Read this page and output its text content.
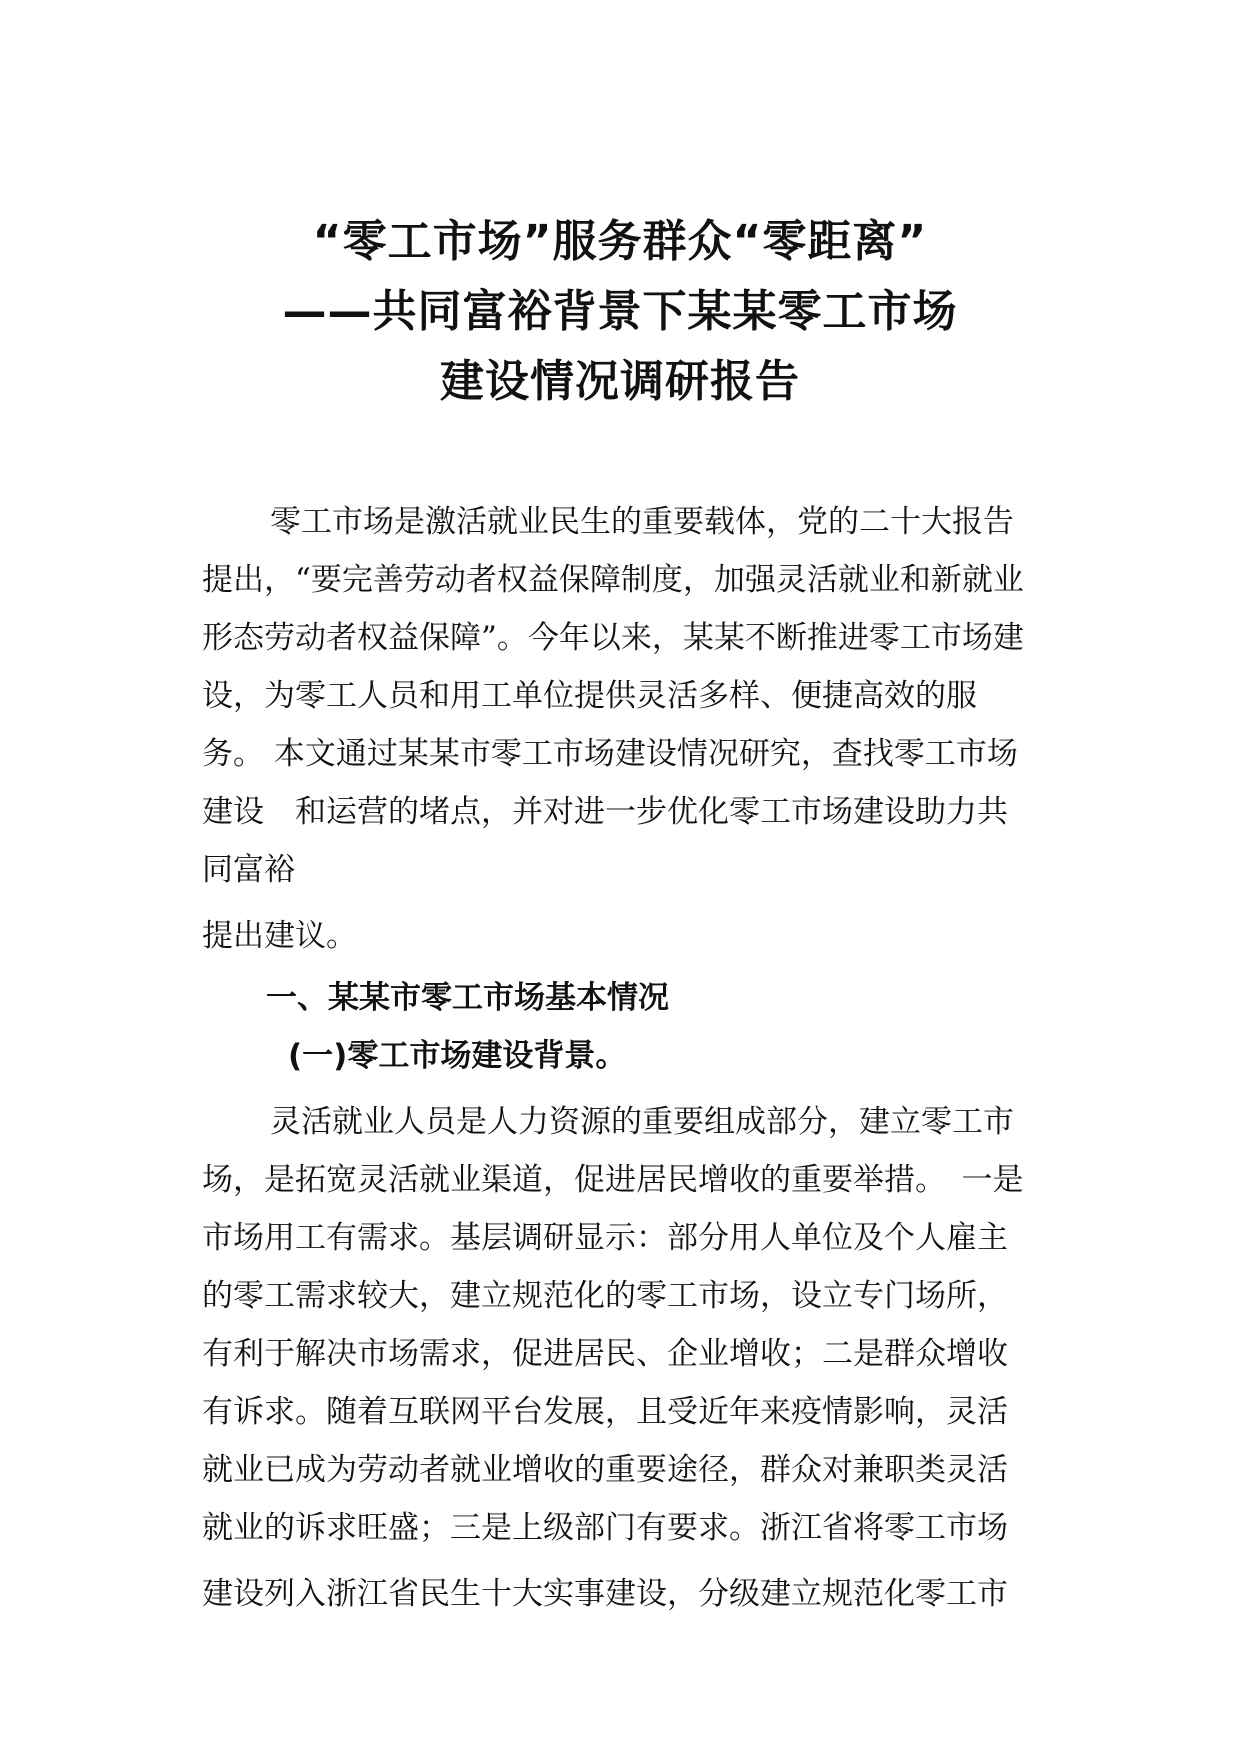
“零工市场”服务群众“零距离”
——共同富裕背景下某某零工市场
建设情况调研报告
零工市场是激活就业民生的重要载体，党的二十大报告
提出，“要完善劳动者权益保障制度，加强灵活就业和新就业
形态劳动者权益保障”。今年以来，某某不断推进零工市场建
设，为零工人员和用工单位提供灵活多样、便捷高效的服
务。 本文通过某某市零工市场建设情况研究，查找零工市场
建设　和运营的堵点，并对进一步优化零工市场建设助力共
同富裕
提出建议。
一、某某市零工市场基本情况
(一)零工市场建设背景。
灵活就业人员是人力资源的重要组成部分，建立零工市
场，是拓宽灵活就业渠道，促进居民增收的重要举措。　一是
市场用工有需求。基层调研显示：部分用人单位及个人雇主
的零工需求较大，建立规范化的零工市场，设立专门场所，
有利于解决市场需求，促进居民、企业增收；二是群众增收
有诉求。随着互联网平台发展，且受近年来疫情影响，灵活
就业已成为劳动者就业增收的重要途径，群众对兼职类灵活
就业的诉求旺盛；三是上级部门有要求。浙江省将零工市场
建设列入浙江省民生十大实事建设，分级建立规范化零工市
